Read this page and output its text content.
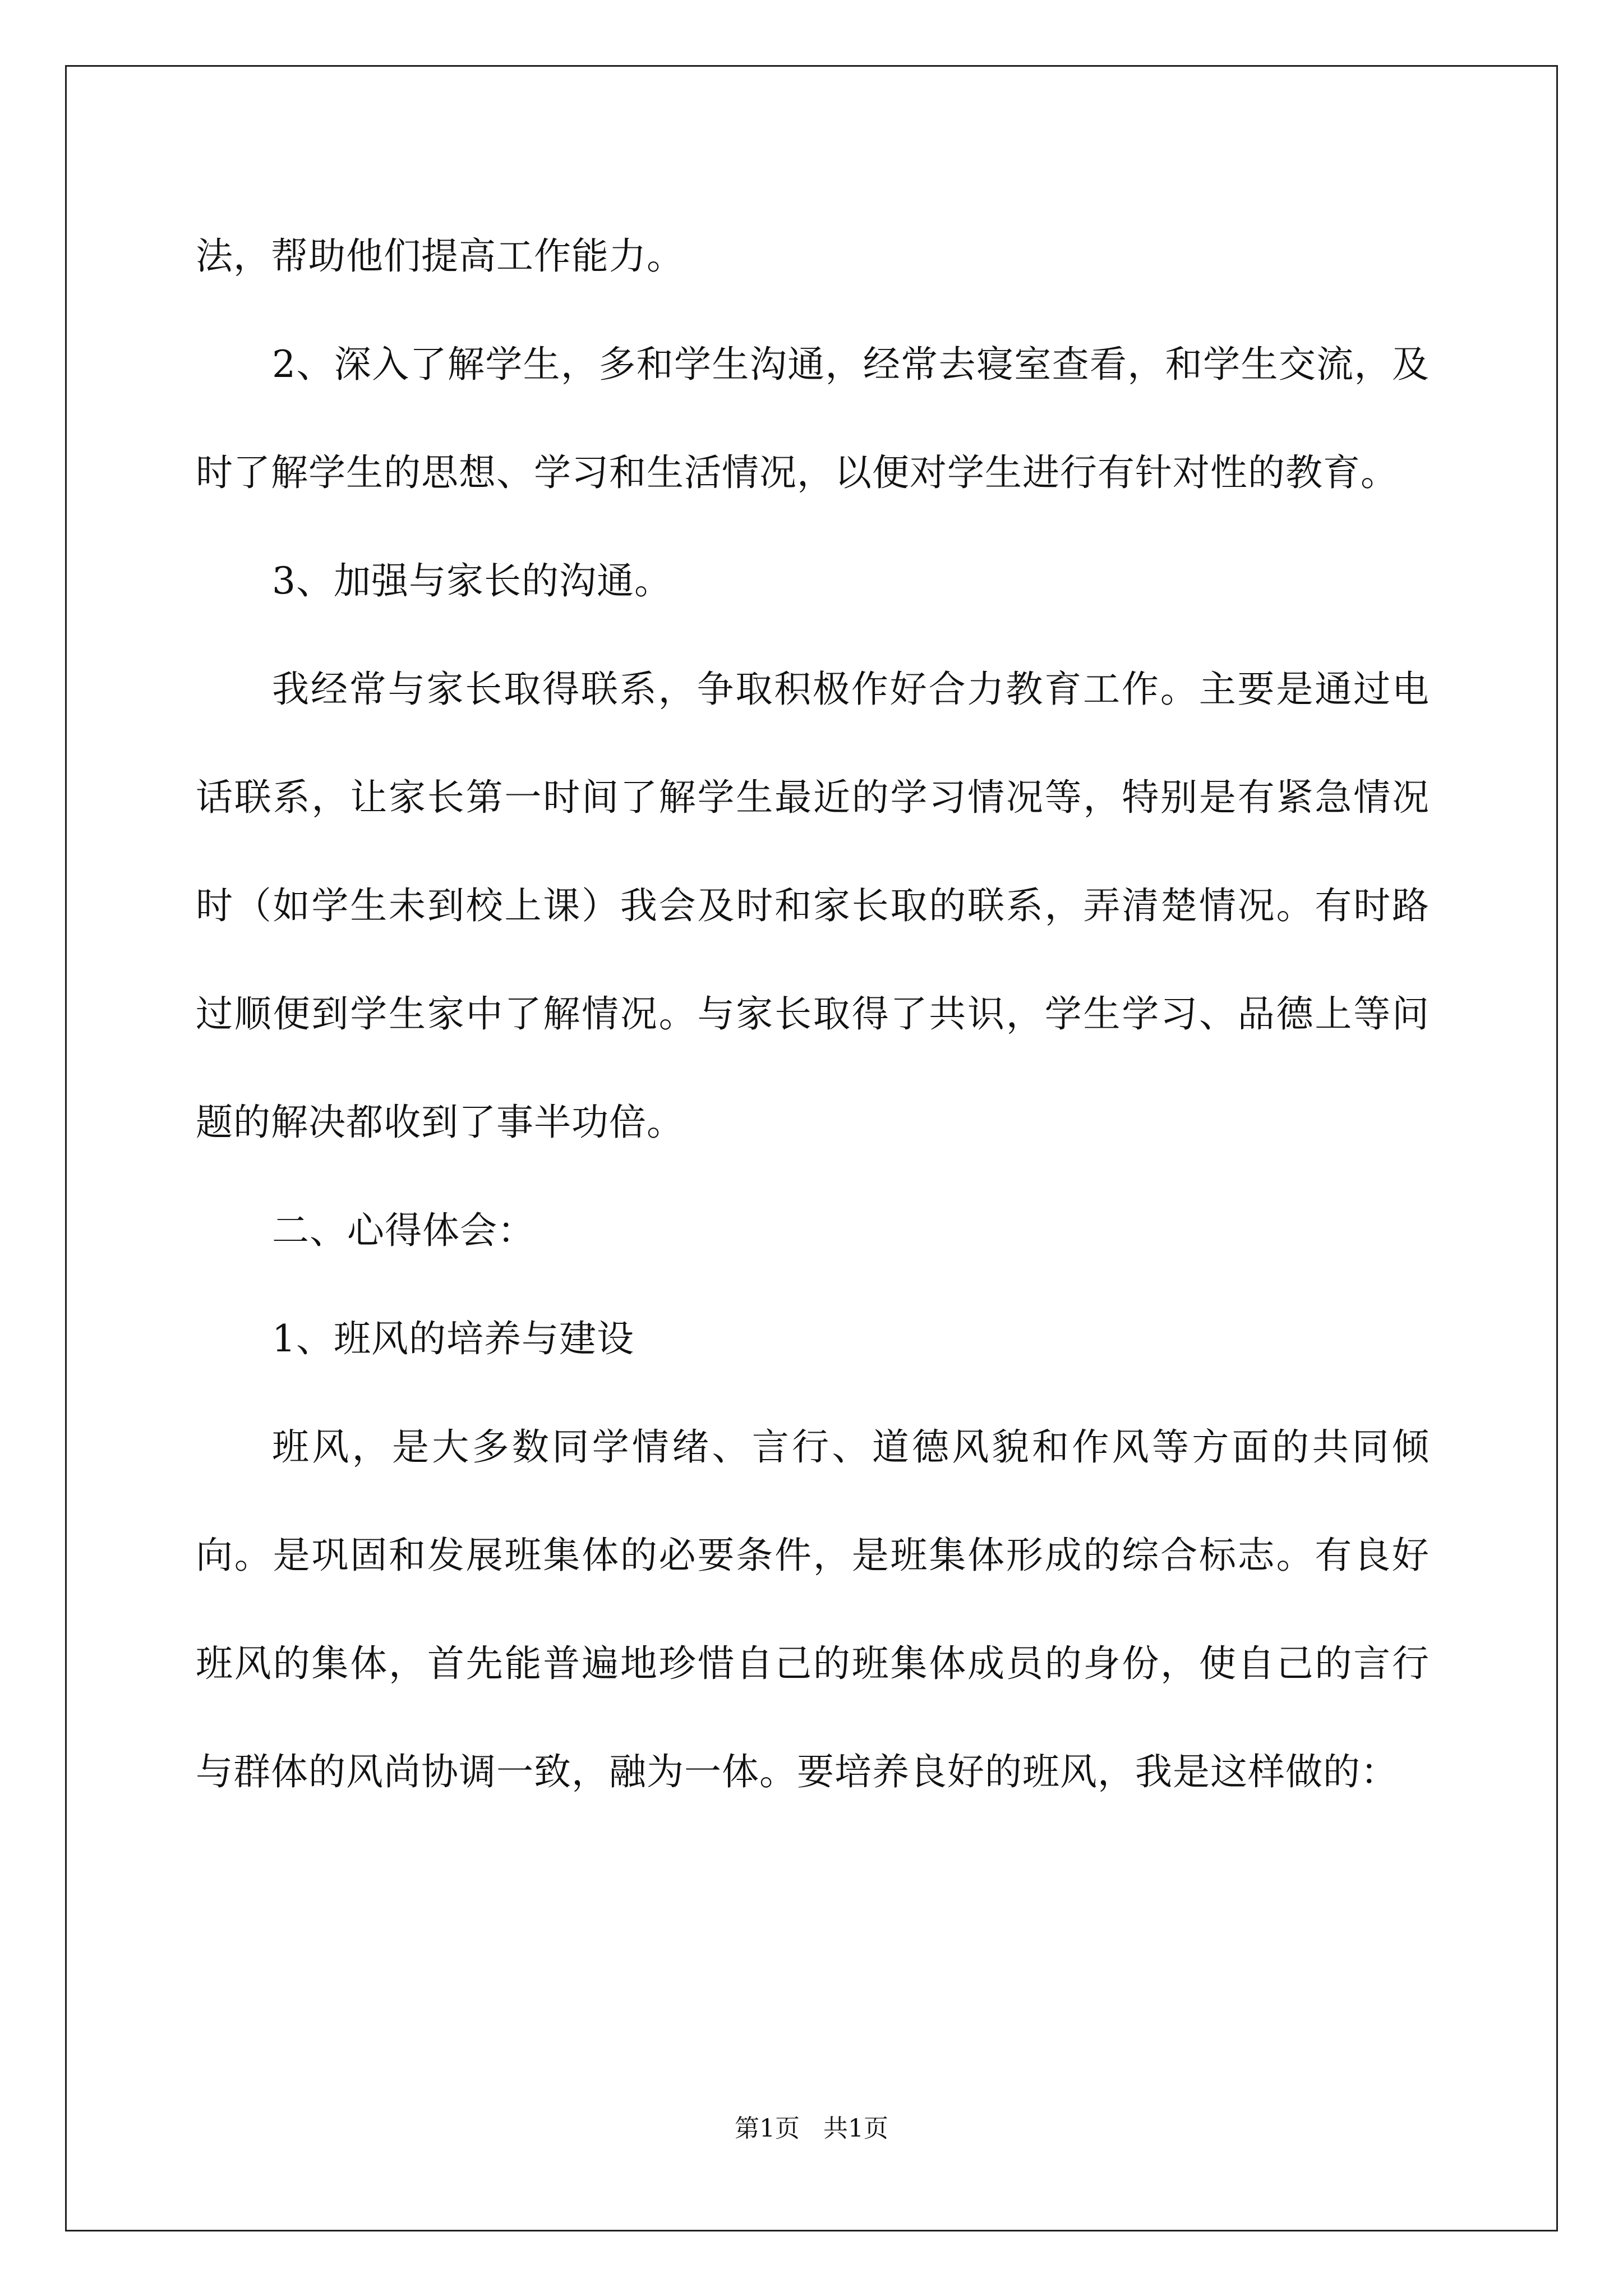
法，帮助他们提高工作能力。

2、深入了解学生，多和学生沟通，经常去寝室查看，和学生交流，及时了解学生的思想、学习和生活情况，以便对学生进行有针对性的教育。

3、加强与家长的沟通。

我经常与家长取得联系，争取积极作好合力教育工作。主要是通过电话联系，让家长第一时间了解学生最近的学习情况等，特别是有紧急情况时（如学生未到校上课）我会及时和家长取的联系，弄清楚情况。有时路过顺便到学生家中了解情况。与家长取得了共识，学生学习、品德上等问题的解决都收到了事半功倍。

二、心得体会：

1、班风的培养与建设

班风，是大多数同学情绪、言行、道德风貌和作风等方面的共同倾向。是巩固和发展班集体的必要条件，是班集体形成的综合标志。有良好班风的集体，首先能普遍地珍惜自己的班集体成员的身份，使自己的言行与群体的风尚协调一致，融为一体。要培养良好的班风，我是这样做的：

第1页   共1页
